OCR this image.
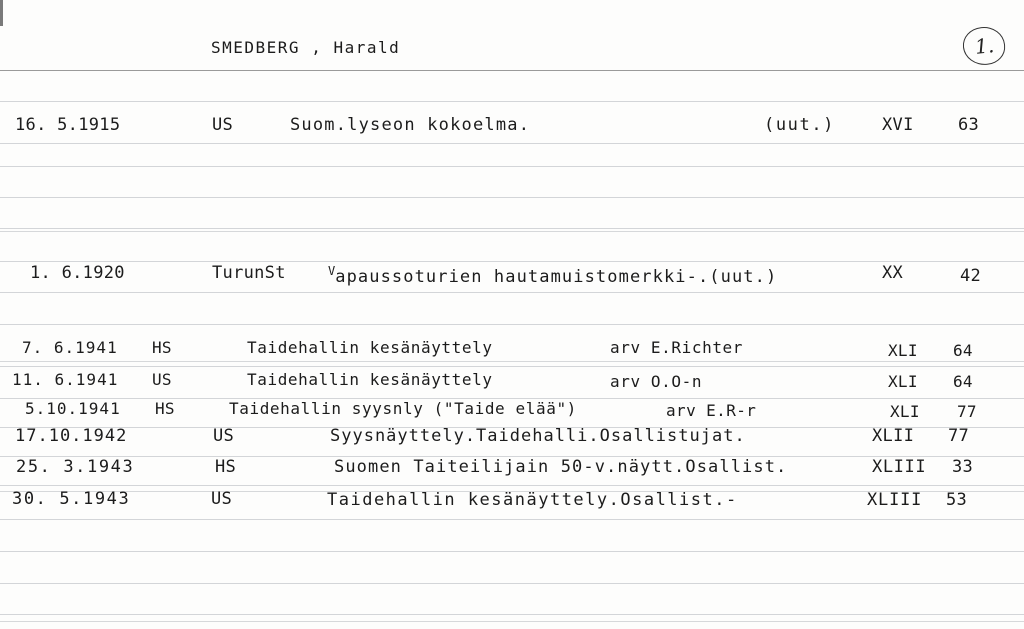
SMEDBERG , Harald	1.
16. 5.1915	US	Suom.lyseon kokoelma.	(uut.)	XVI	63
1. 6.1920	TurunSt	$^V$apaussoturien hautamuistomerkki-.(uut.)	XX	42
7. 6.1941 HS	Taidehallin kesänäyttely	arv E.Richter	XLI 64
11. 6.1941 US	Taidehallin kesänäyttely	arv O.O-n	XLI 64
5.10.1941 HS	Taidehallin syysnly ("Taide elää")	arv E.R-r	XLI 77
17.10.1942	US	Syysnäyttely.Taidehalli.Osallistujat.	XLII 77
25. 3.1943	HS	Suomen Taiteilijain 50-v.näytt.Osallist.	XLIII 33
30. 5.1943	US	Taidehallin kesänäyttely.Osallist.-	XLIII 53
